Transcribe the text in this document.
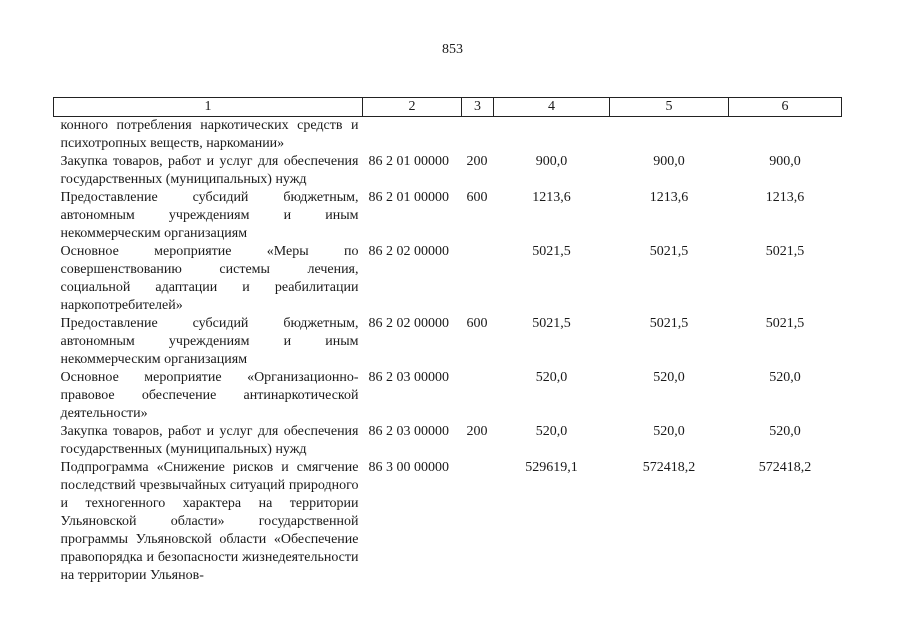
853
1	2	3	4	5	6
конного потребления наркотических средств и психотропных веществ, наркомании»					
Закупка товаров, работ и услуг для обеспечения государственных (муниципальных) нужд	86 2 01 00000	200	900,0	900,0	900,0
Предоставление субсидий бюджетным, автономным учреждениям и иным некоммерческим организациям	86 2 01 00000	600	1213,6	1213,6	1213,6
Основное мероприятие «Меры по совершенствованию системы лечения, социальной адаптации и реабилитации наркопотребителей»	86 2 02 00000		5021,5	5021,5	5021,5
Предоставление субсидий бюджетным, автономным учреждениям и иным некоммерческим организациям	86 2 02 00000	600	5021,5	5021,5	5021,5
Основное мероприятие «Организационно-правовое обеспечение антинаркотической деятельности»	86 2 03 00000		520,0	520,0	520,0
Закупка товаров, работ и услуг для обеспечения государственных (муниципальных) нужд	86 2 03 00000	200	520,0	520,0	520,0
Подпрограмма «Снижение рисков и смягчение последствий чрезвычайных ситуаций природного и техногенного характера на территории Ульяновской области» государственной программы Ульяновской области «Обеспечение правопорядка и безопасности жизнедеятельности на территории Ульянов-	86 3 00 00000		529619,1	572418,2	572418,2
